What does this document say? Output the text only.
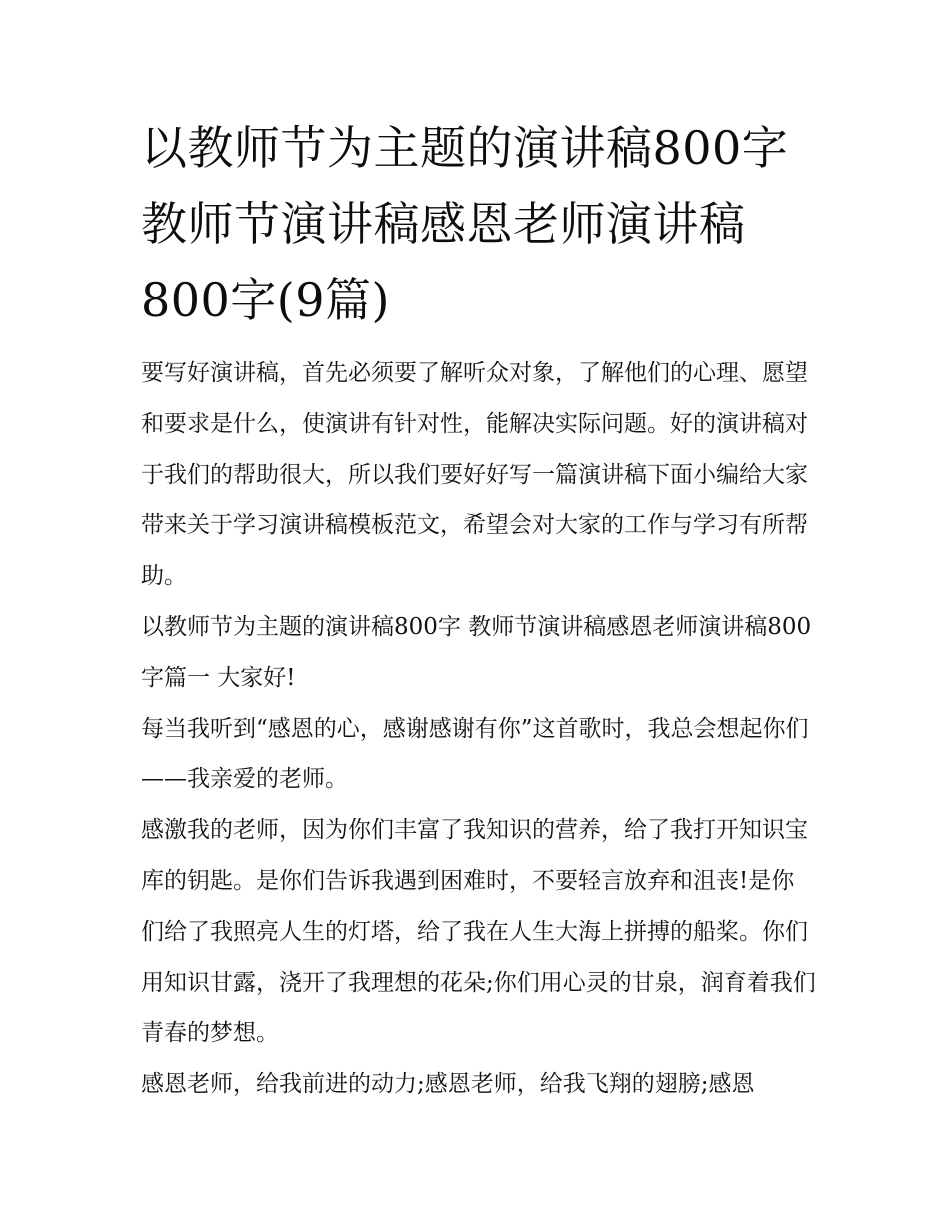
以教师节为主题的演讲稿800字 教师节演讲稿感恩老师演讲稿800字(9篇)

要写好演讲稿，首先必须要了解听众对象，了解他们的心理、愿望和要求是什么，使演讲有针对性，能解决实际问题。好的演讲稿对于我们的帮助很大，所以我们要好好写一篇演讲稿下面小编给大家带来关于学习演讲稿模板范文，希望会对大家的工作与学习有所帮助。

以教师节为主题的演讲稿800字 教师节演讲稿感恩老师演讲稿800字篇一 大家好!

每当我听到“感恩的心，感谢感谢有你”这首歌时，我总会想起你们——我亲爱的老师。

感激我的老师，因为你们丰富了我知识的营养，给了我打开知识宝库的钥匙。是你们告诉我遇到困难时，不要轻言放弃和沮丧!是你们给了我照亮人生的灯塔，给了我在人生大海上拼搏的船桨。你们用知识甘露，浇开了我理想的花朵;你们用心灵的甘泉，润育着我们青春的梦想。

感恩老师，给我前进的动力;感恩老师，给我飞翔的翅膀;感恩
